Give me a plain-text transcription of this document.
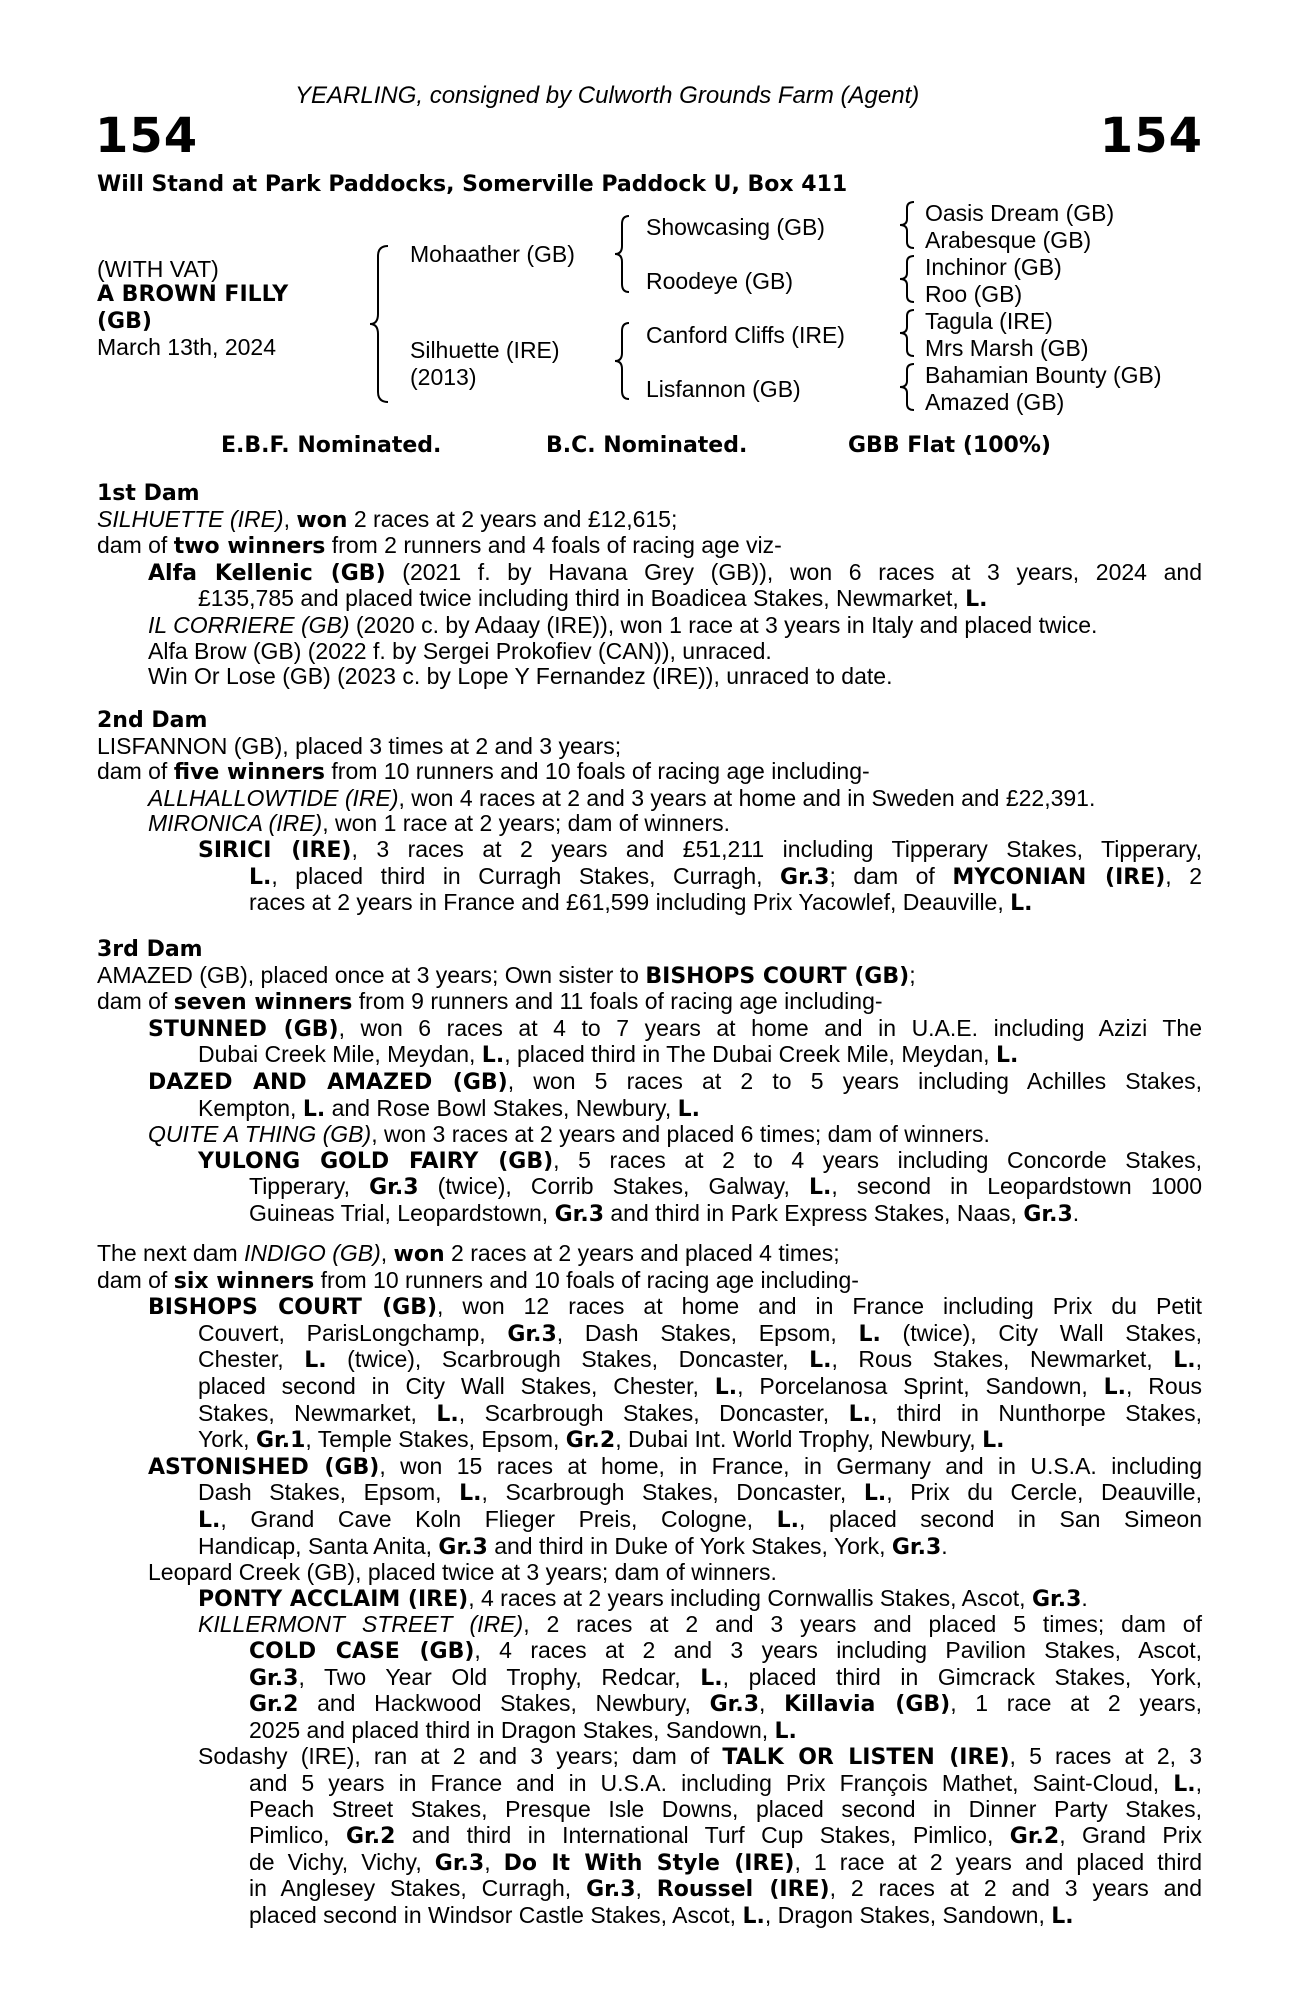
YEARLING, consigned by Culworth Grounds Farm (Agent)
154	154
Will Stand at Park Paddocks, Somerville Paddock U, Box 411
(WITH VAT)
A BROWN FILLY
(GB)
March 13th, 2024
Mohaather (GB)
Silhuette (IRE)
(2013)
Showcasing (GB)
Roodeye (GB)
Canford Cliffs (IRE)
Lisfannon (GB)
Oasis Dream (GB)
Arabesque (GB)
Inchinor (GB)
Roo (GB)
Tagula (IRE)
Mrs Marsh (GB)
Bahamian Bounty (GB)
Amazed (GB)
E.B.F. Nominated.	B.C. Nominated.	GBB Flat (100%)
1st Dam
SILHUETTE (IRE), won 2 races at 2 years and £12,615;
dam of two winners from 2 runners and 4 foals of racing age viz-
Alfa Kellenic (GB) (2021 f. by Havana Grey (GB)), won 6 races at 3 years, 2024 and
£135,785 and placed twice including third in Boadicea Stakes, Newmarket, L.
IL CORRIERE (GB) (2020 c. by Adaay (IRE)), won 1 race at 3 years in Italy and placed twice.
Alfa Brow (GB) (2022 f. by Sergei Prokofiev (CAN)), unraced.
Win Or Lose (GB) (2023 c. by Lope Y Fernandez (IRE)), unraced to date.
2nd Dam
LISFANNON (GB), placed 3 times at 2 and 3 years;
dam of five winners from 10 runners and 10 foals of racing age including-
ALLHALLOWTIDE (IRE), won 4 races at 2 and 3 years at home and in Sweden and £22,391.
MIRONICA (IRE), won 1 race at 2 years; dam of winners.
SIRICI (IRE), 3 races at 2 years and £51,211 including Tipperary Stakes, Tipperary,
L., placed third in Curragh Stakes, Curragh, Gr.3; dam of MYCONIAN (IRE), 2
races at 2 years in France and £61,599 including Prix Yacowlef, Deauville, L.
3rd Dam
AMAZED (GB), placed once at 3 years; Own sister to BISHOPS COURT (GB);
dam of seven winners from 9 runners and 11 foals of racing age including-
STUNNED (GB), won 6 races at 4 to 7 years at home and in U.A.E. including Azizi The
Dubai Creek Mile, Meydan, L., placed third in The Dubai Creek Mile, Meydan, L.
DAZED AND AMAZED (GB), won 5 races at 2 to 5 years including Achilles Stakes,
Kempton, L. and Rose Bowl Stakes, Newbury, L.
QUITE A THING (GB), won 3 races at 2 years and placed 6 times; dam of winners.
YULONG GOLD FAIRY (GB), 5 races at 2 to 4 years including Concorde Stakes,
Tipperary, Gr.3 (twice), Corrib Stakes, Galway, L., second in Leopardstown 1000
Guineas Trial, Leopardstown, Gr.3 and third in Park Express Stakes, Naas, Gr.3.
The next dam INDIGO (GB), won 2 races at 2 years and placed 4 times;
dam of six winners from 10 runners and 10 foals of racing age including-
BISHOPS COURT (GB), won 12 races at home and in France including Prix du Petit
Couvert, ParisLongchamp, Gr.3, Dash Stakes, Epsom, L. (twice), City Wall Stakes,
Chester, L. (twice), Scarbrough Stakes, Doncaster, L., Rous Stakes, Newmarket, L.,
placed second in City Wall Stakes, Chester, L., Porcelanosa Sprint, Sandown, L., Rous
Stakes, Newmarket, L., Scarbrough Stakes, Doncaster, L., third in Nunthorpe Stakes,
York, Gr.1, Temple Stakes, Epsom, Gr.2, Dubai Int. World Trophy, Newbury, L.
ASTONISHED (GB), won 15 races at home, in France, in Germany and in U.S.A. including
Dash Stakes, Epsom, L., Scarbrough Stakes, Doncaster, L., Prix du Cercle, Deauville,
L., Grand Cave Koln Flieger Preis, Cologne, L., placed second in San Simeon
Handicap, Santa Anita, Gr.3 and third in Duke of York Stakes, York, Gr.3.
Leopard Creek (GB), placed twice at 3 years; dam of winners.
PONTY ACCLAIM (IRE), 4 races at 2 years including Cornwallis Stakes, Ascot, Gr.3.
KILLERMONT STREET (IRE), 2 races at 2 and 3 years and placed 5 times; dam of
COLD CASE (GB), 4 races at 2 and 3 years including Pavilion Stakes, Ascot,
Gr.3, Two Year Old Trophy, Redcar, L., placed third in Gimcrack Stakes, York,
Gr.2 and Hackwood Stakes, Newbury, Gr.3, Killavia (GB), 1 race at 2 years,
2025 and placed third in Dragon Stakes, Sandown, L.
Sodashy (IRE), ran at 2 and 3 years; dam of TALK OR LISTEN (IRE), 5 races at 2, 3
and 5 years in France and in U.S.A. including Prix François Mathet, Saint-Cloud, L.,
Peach Street Stakes, Presque Isle Downs, placed second in Dinner Party Stakes,
Pimlico, Gr.2 and third in International Turf Cup Stakes, Pimlico, Gr.2, Grand Prix
de Vichy, Vichy, Gr.3, Do It With Style (IRE), 1 race at 2 years and placed third
in Anglesey Stakes, Curragh, Gr.3, Roussel (IRE), 2 races at 2 and 3 years and
placed second in Windsor Castle Stakes, Ascot, L., Dragon Stakes, Sandown, L.
